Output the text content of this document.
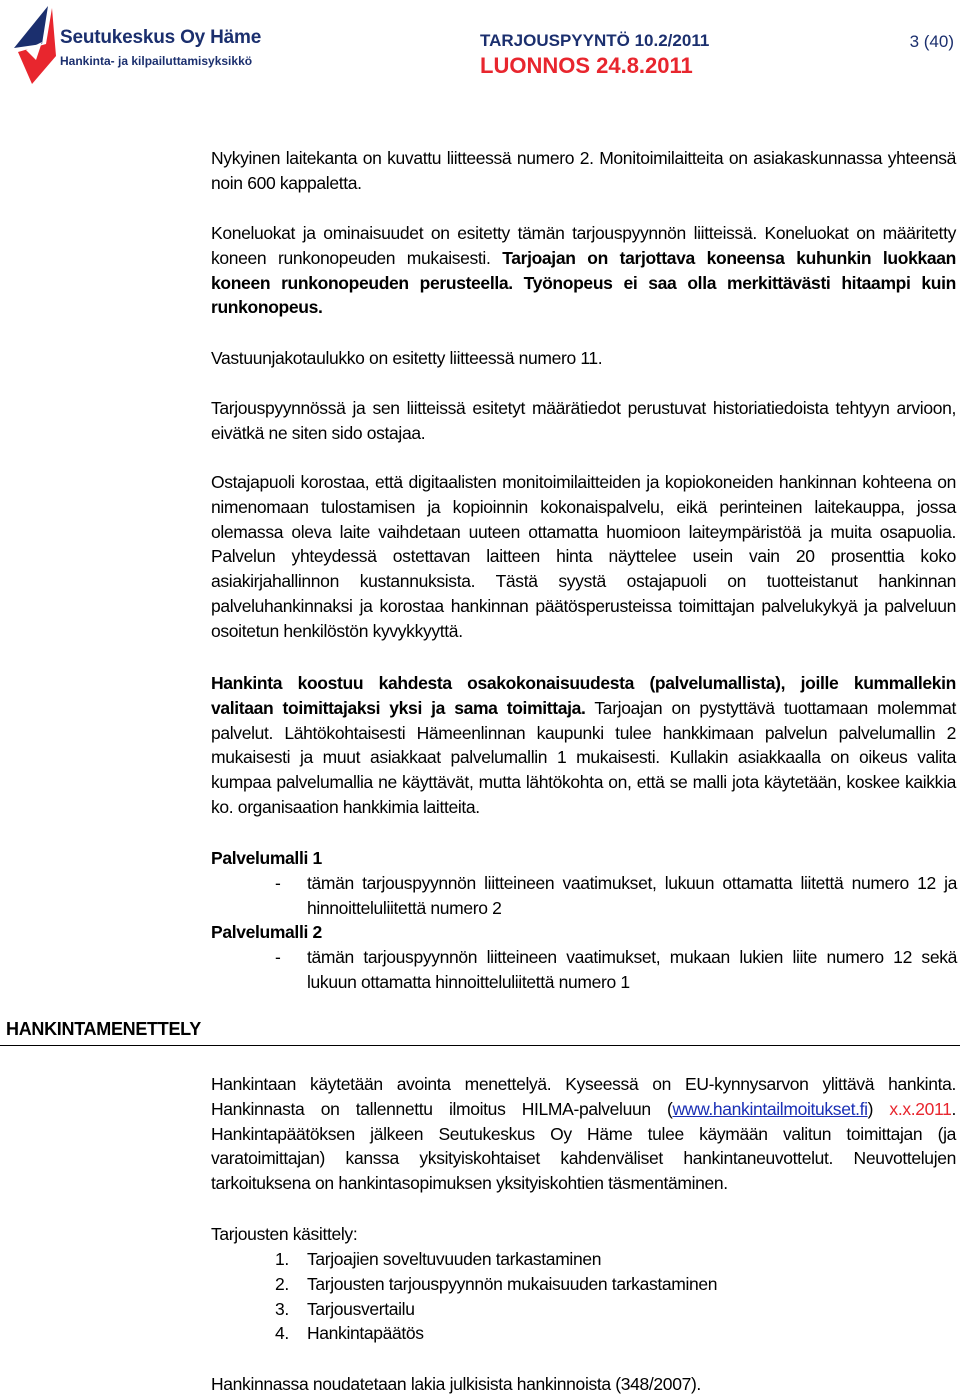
Seutukeskus Oy Häme
Hankinta- ja kilpailuttamisyksikkö
TARJOUSPYYNTÖ 10.2/2011
LUONNOS 24.8.2011
3 (40)
Nykyinen laitekanta on kuvattu liitteessä numero 2. Monitoimilaitteita on asiakaskunnassa yhteensä noin 600 kappaletta.
Koneluokat ja ominaisuudet on esitetty tämän tarjouspyynnön liitteissä. Koneluokat on määritetty koneen runkonopeuden mukaisesti. Tarjoajan on tarjottava koneensa kuhunkin luokkaan koneen runkonopeuden perusteella. Työnopeus ei saa olla merkittävästi hitaampi kuin runkonopeus.
Vastuunjakotaulukko on esitetty liitteessä numero 11.
Tarjouspyynnössä ja sen liitteissä esitetyt määrätiedot perustuvat historiatiedoista tehtyyn arvioon, eivätkä ne siten sido ostajaa.
Ostajapuoli korostaa, että digitaalisten monitoimilaitteiden ja kopiokoneiden hankinnan kohteena on nimenomaan tulostamisen ja kopioinnin kokonaispalvelu, eikä perinteinen laitekauppa, jossa olemassa oleva laite vaihdetaan uuteen ottamatta huomioon laiteympäristöä ja muita osapuolia. Palvelun yhteydessä ostettavan laitteen hinta näyttelee usein vain 20 prosenttia koko asiakirjahallinnon kustannuksista. Tästä syystä ostajapuoli on tuotteistanut hankinnan palveluhankinnaksi ja korostaa hankinnan päätösperusteissa toimittajan palvelukykyä ja palveluun osoitetun henkilöstön kyvykkyyttä.
Hankinta koostuu kahdesta osakokonaisuudesta (palvelumallista), joille kummallekin valitaan toimittajaksi yksi ja sama toimittaja. Tarjoajan on pystyttävä tuottamaan molemmat palvelut. Lähtökohtaisesti Hämeenlinnan kaupunki tulee hankkimaan palvelun palvelumallin 2 mukaisesti ja muut asiakkaat palvelumallin 1 mukaisesti. Kullakin asiakkaalla on oikeus valita kumpaa palvelumallia ne käyttävät, mutta lähtökohta on, että se malli jota käytetään, koskee kaikkia ko. organisaation hankkimia laitteita.
Palvelumalli 1
- tämän tarjouspyynnön liitteineen vaatimukset, lukuun ottamatta liitettä numero 12 ja hinnoitteluliitettä numero 2
Palvelumalli 2
- tämän tarjouspyynnön liitteineen vaatimukset, mukaan lukien liite numero 12 sekä lukuun ottamatta hinnoitteluliitettä numero 1
HANKINTAMENETTELY
Hankintaan käytetään avointa menettelyä. Kyseessä on EU-kynnysarvon ylittävä hankinta. Hankinnasta on tallennettu ilmoitus HILMA-palveluun (www.hankintailmoitukset.fi) x.x.2011. Hankintapäätöksen jälkeen Seutukeskus Oy Häme tulee käymään valitun toimittajan (ja varatoimittajan) kanssa yksityiskohtaiset kahdenväliset hankintaneuvottelut. Neuvottelujen tarkoituksena on hankintasopimuksen yksityiskohtien täsmentäminen.
Tarjousten käsittely:
1. Tarjoajien soveltuvuuden tarkastaminen
2. Tarjousten tarjouspyynnön mukaisuuden tarkastaminen
3. Tarjousvertailu
4. Hankintapäätös
Hankinnassa noudatetaan lakia julkisista hankinnoista (348/2007).
